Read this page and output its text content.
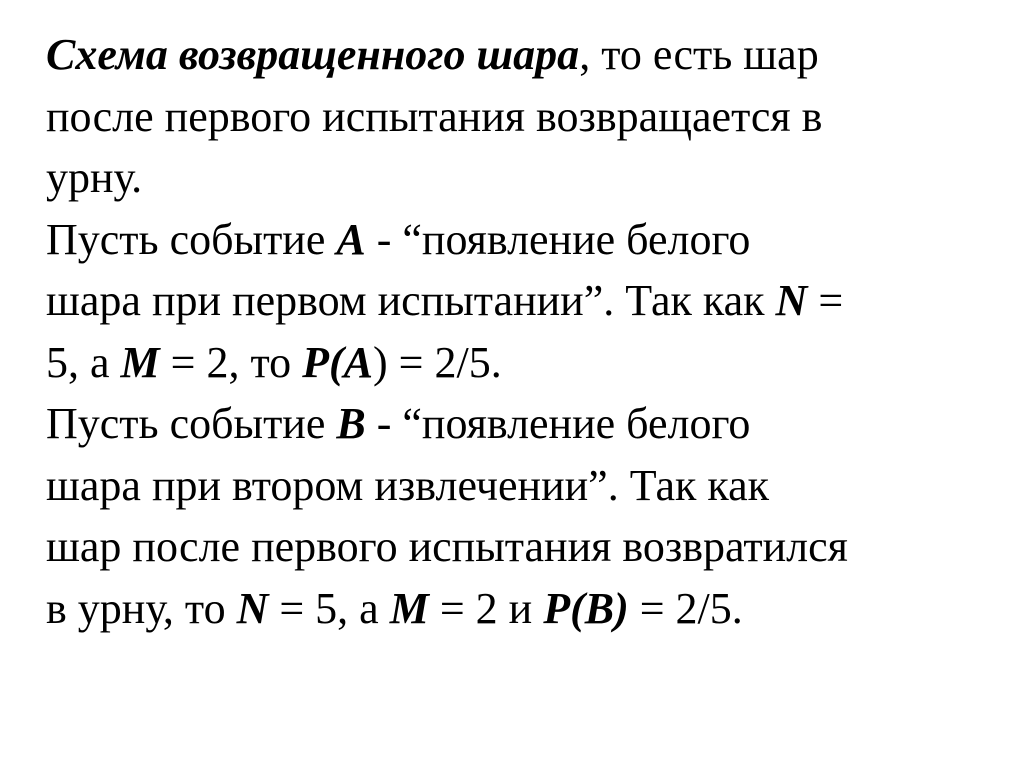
Схема возвращенного шара, то есть шар
после первого испытания возвращается в
урну.
Пусть событие A - “появление белого
шара при первом испытании”. Так как N =
5, а M = 2, то P(A) = 2/5.
Пусть событие B - “появление белого
шара при втором извлечении”. Так как
шар после первого испытания возвратился
в урну, то N = 5, а M = 2 и P(B) = 2/5.
